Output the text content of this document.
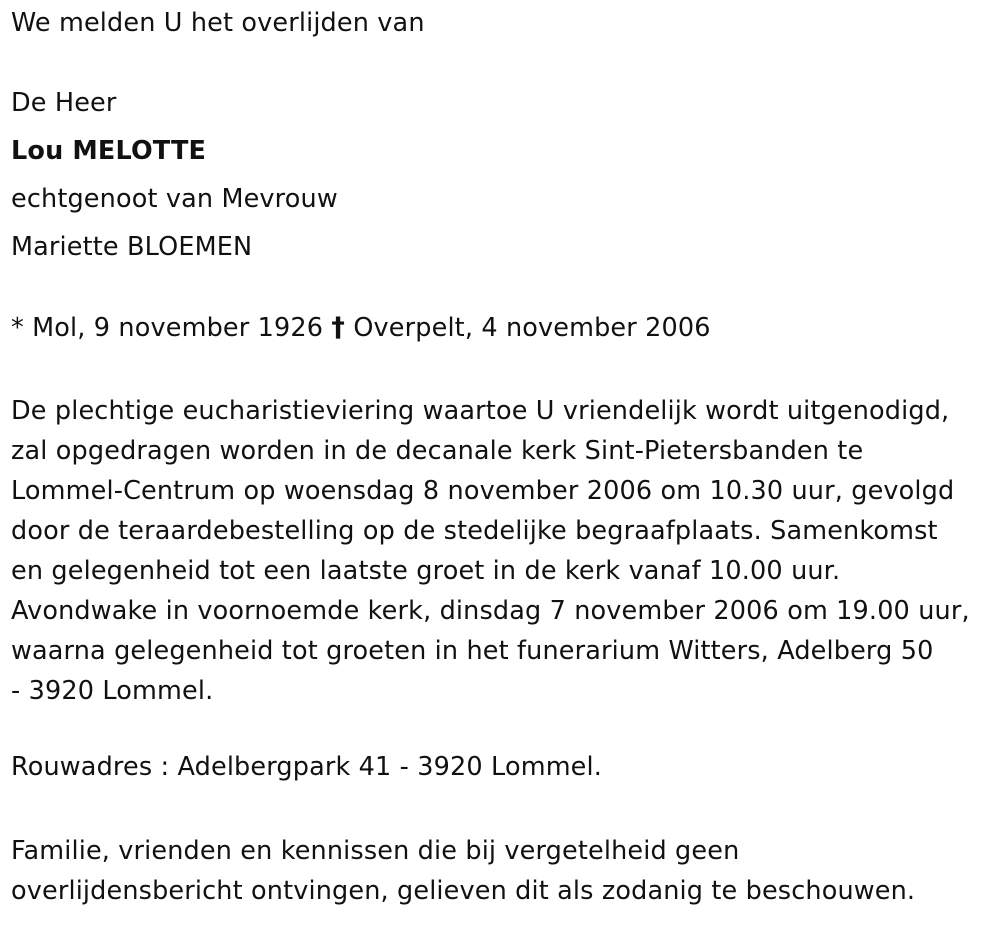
We melden U het overlijden van
De Heer
Lou MELOTTE
echtgenoot van Mevrouw
Mariette BLOEMEN
* Mol, 9 november 1926 † Overpelt, 4 november 2006
De plechtige eucharistieviering waartoe U vriendelijk wordt uitgenodigd,
zal opgedragen worden in de decanale kerk Sint-Pietersbanden te
Lommel-Centrum op woensdag 8 november 2006 om 10.30 uur, gevolgd
door de teraardebestelling op de stedelijke begraafplaats. Samenkomst
en gelegenheid tot een laatste groet in de kerk vanaf 10.00 uur.
Avondwake in voornoemde kerk, dinsdag 7 november 2006 om 19.00 uur,
waarna gelegenheid tot groeten in het funerarium Witters, Adelberg 50
- 3920 Lommel.
Rouwadres : Adelbergpark 41 - 3920 Lommel.
Familie, vrienden en kennissen die bij vergetelheid geen
overlijdensbericht ontvingen, gelieven dit als zodanig te beschouwen.
